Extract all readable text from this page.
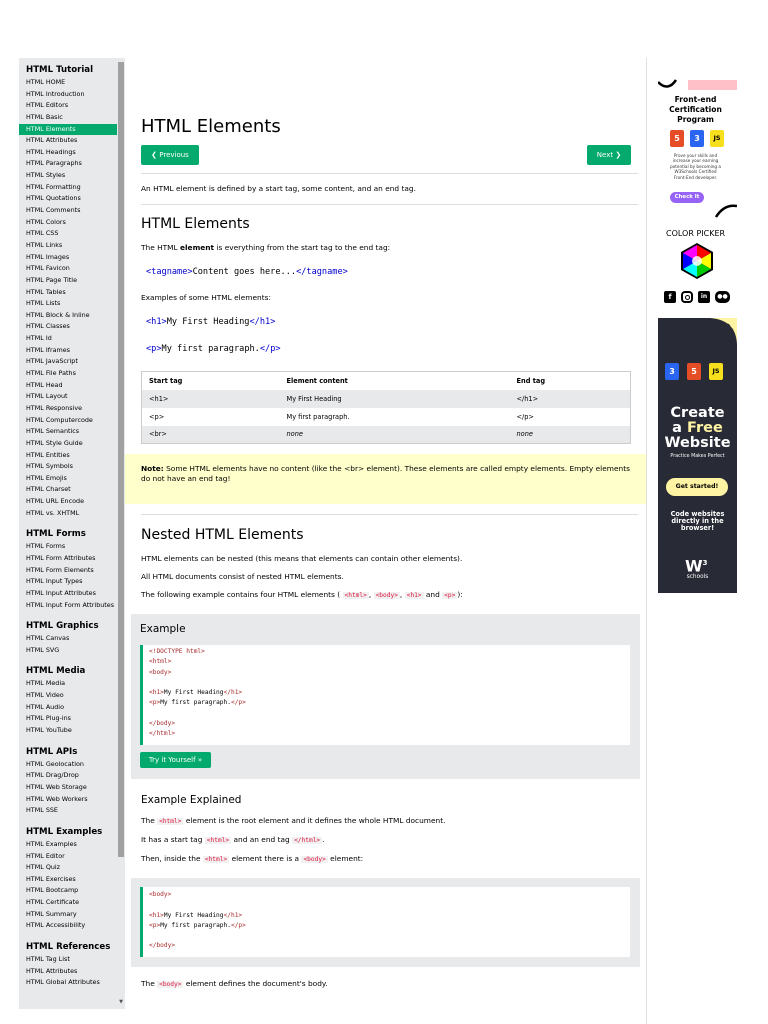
HTML Tutorial
HTML HOME
HTML Introduction
HTML Editors
HTML Basic
HTML Elements
HTML Attributes
HTML Headings
HTML Paragraphs
HTML Styles
HTML Formatting
HTML Quotations
HTML Comments
HTML Colors
HTML CSS
HTML Links
HTML Images
HTML Favicon
HTML Page Title
HTML Tables
HTML Lists
HTML Block & Inline
HTML Classes
HTML Id
HTML Iframes
HTML JavaScript
HTML File Paths
HTML Head
HTML Layout
HTML Responsive
HTML Computercode
HTML Semantics
HTML Style Guide
HTML Entities
HTML Symbols
HTML Emojis
HTML Charset
HTML URL Encode
HTML vs. XHTML
HTML Forms
HTML Forms
HTML Form Attributes
HTML Form Elements
HTML Input Types
HTML Input Attributes
HTML Input Form Attributes
HTML Graphics
HTML Canvas
HTML SVG
HTML Media
HTML Media
HTML Video
HTML Audio
HTML Plug-ins
HTML YouTube
HTML APIs
HTML Geolocation
HTML Drag/Drop
HTML Web Storage
HTML Web Workers
HTML SSE
HTML Examples
HTML Examples
HTML Editor
HTML Quiz
HTML Exercises
HTML Bootcamp
HTML Certificate
HTML Summary
HTML Accessibility
HTML References
HTML Tag List
HTML Attributes
HTML Global Attributes
▼
HTML Elements
❮ Previous	Next ❯
An HTML element is defined by a start tag, some content, and an end tag.
HTML Elements
The HTML element is everything from the start tag to the end tag:
<tagname>Content goes here...</tagname>
Examples of some HTML elements:
<h1>My First Heading</h1>
<p>My first paragraph.</p>
Start tag	Element content	End tag
<h1>	My First Heading	</h1>
<p>	My first paragraph.	</p>
<br>	none	none
Note: Some HTML elements have no content (like the <br> element). These elements are called empty elements. Empty elements do not have an end tag!
Nested HTML Elements
HTML elements can be nested (this means that elements can contain other elements).
All HTML documents consist of nested HTML elements.
The following example contains four HTML elements ( <html> , <body> , <h1> and <p> ):
Example
<!DOCTYPE html>
<html>
<body>

<h1>My First Heading</h1>
<p>My first paragraph.</p>

</body>
</html>
Try it Yourself »
Example Explained
The <html> element is the root element and it defines the whole HTML document.
It has a start tag <html> and an end tag </html> .
Then, inside the <html> element there is a <body> element:
<body>

<h1>My First Heading</h1>
<p>My first paragraph.</p>

</body>
The <body> element defines the document's body.
Front-end Certification Program
5	3	JS
Prove your skills and increase your earning potential by becoming a W3Schools Certified Front-End developer.
Check It Out!
COLOR PICKER
f	in	●●
3	5	JS
Create
a Free
Website
Practice Makes Perfect
Get started!
Code websites directly in the browser!
$W^3$
schools
